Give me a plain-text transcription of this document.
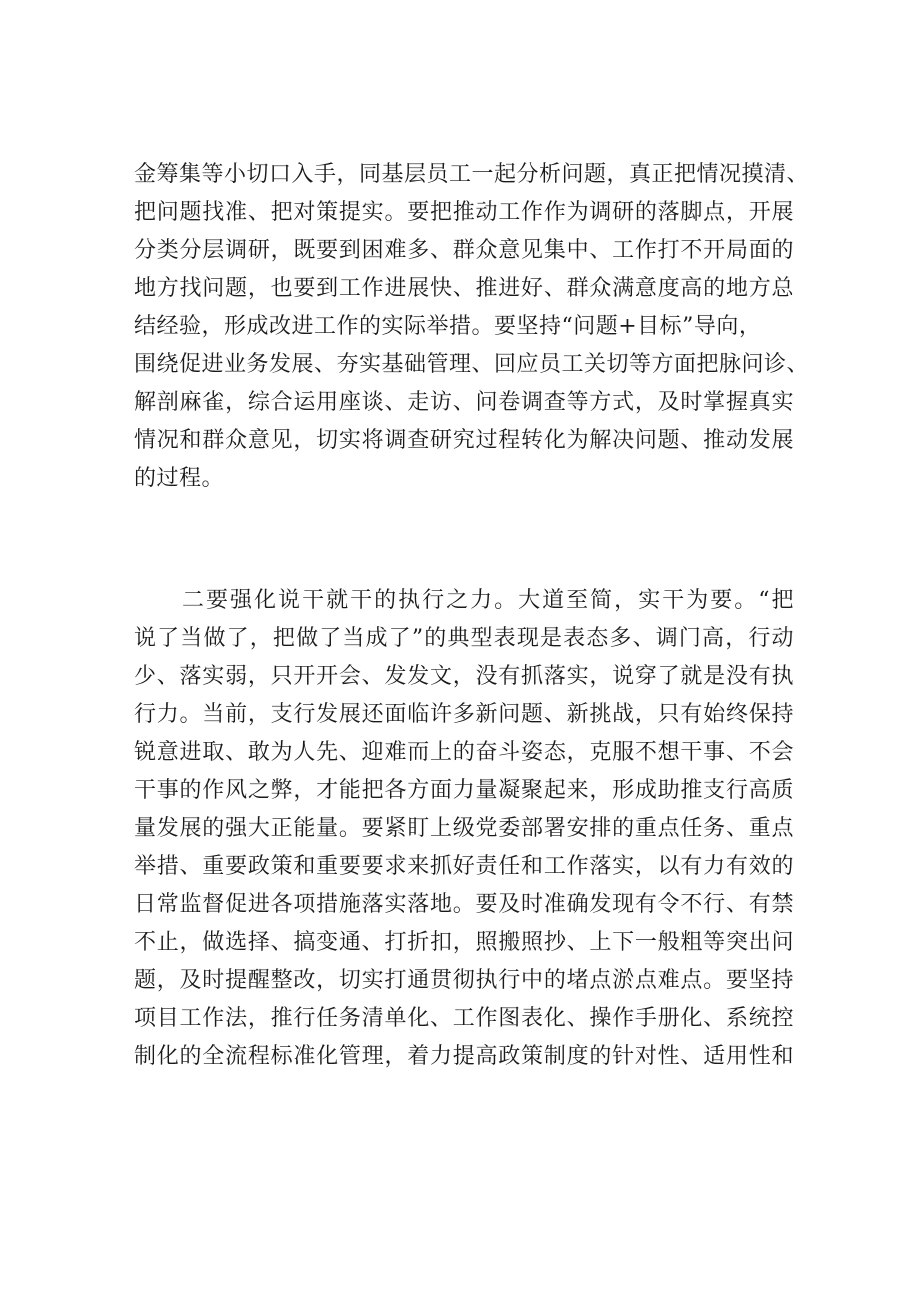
金筹集等小切口入手，同基层员工一起分析问题，真正把情况摸清、
把问题找准、把对策提实。要把推动工作作为调研的落脚点，开展
分类分层调研，既要到困难多、群众意见集中、工作打不开局面的
地方找问题，也要到工作进展快、推进好、群众满意度高的地方总
结经验，形成改进工作的实际举措。要坚持“问题+目标”导向，
围绕促进业务发展、夯实基础管理、回应员工关切等方面把脉问诊、
解剖麻雀，综合运用座谈、走访、问卷调查等方式，及时掌握真实
情况和群众意见，切实将调查研究过程转化为解决问题、推动发展
的过程。
　　二要强化说干就干的执行之力。大道至简，实干为要。“把
说了当做了，把做了当成了”的典型表现是表态多、调门高，行动
少、落实弱，只开开会、发发文，没有抓落实，说穿了就是没有执
行力。当前，支行发展还面临许多新问题、新挑战，只有始终保持
锐意进取、敢为人先、迎难而上的奋斗姿态，克服不想干事、不会
干事的作风之弊，才能把各方面力量凝聚起来，形成助推支行高质
量发展的强大正能量。要紧盯上级党委部署安排的重点任务、重点
举措、重要政策和重要要求来抓好责任和工作落实，以有力有效的
日常监督促进各项措施落实落地。要及时准确发现有令不行、有禁
不止，做选择、搞变通、打折扣，照搬照抄、上下一般粗等突出问
题，及时提醒整改，切实打通贯彻执行中的堵点淤点难点。要坚持
项目工作法，推行任务清单化、工作图表化、操作手册化、系统控
制化的全流程标准化管理，着力提高政策制度的针对性、适用性和
